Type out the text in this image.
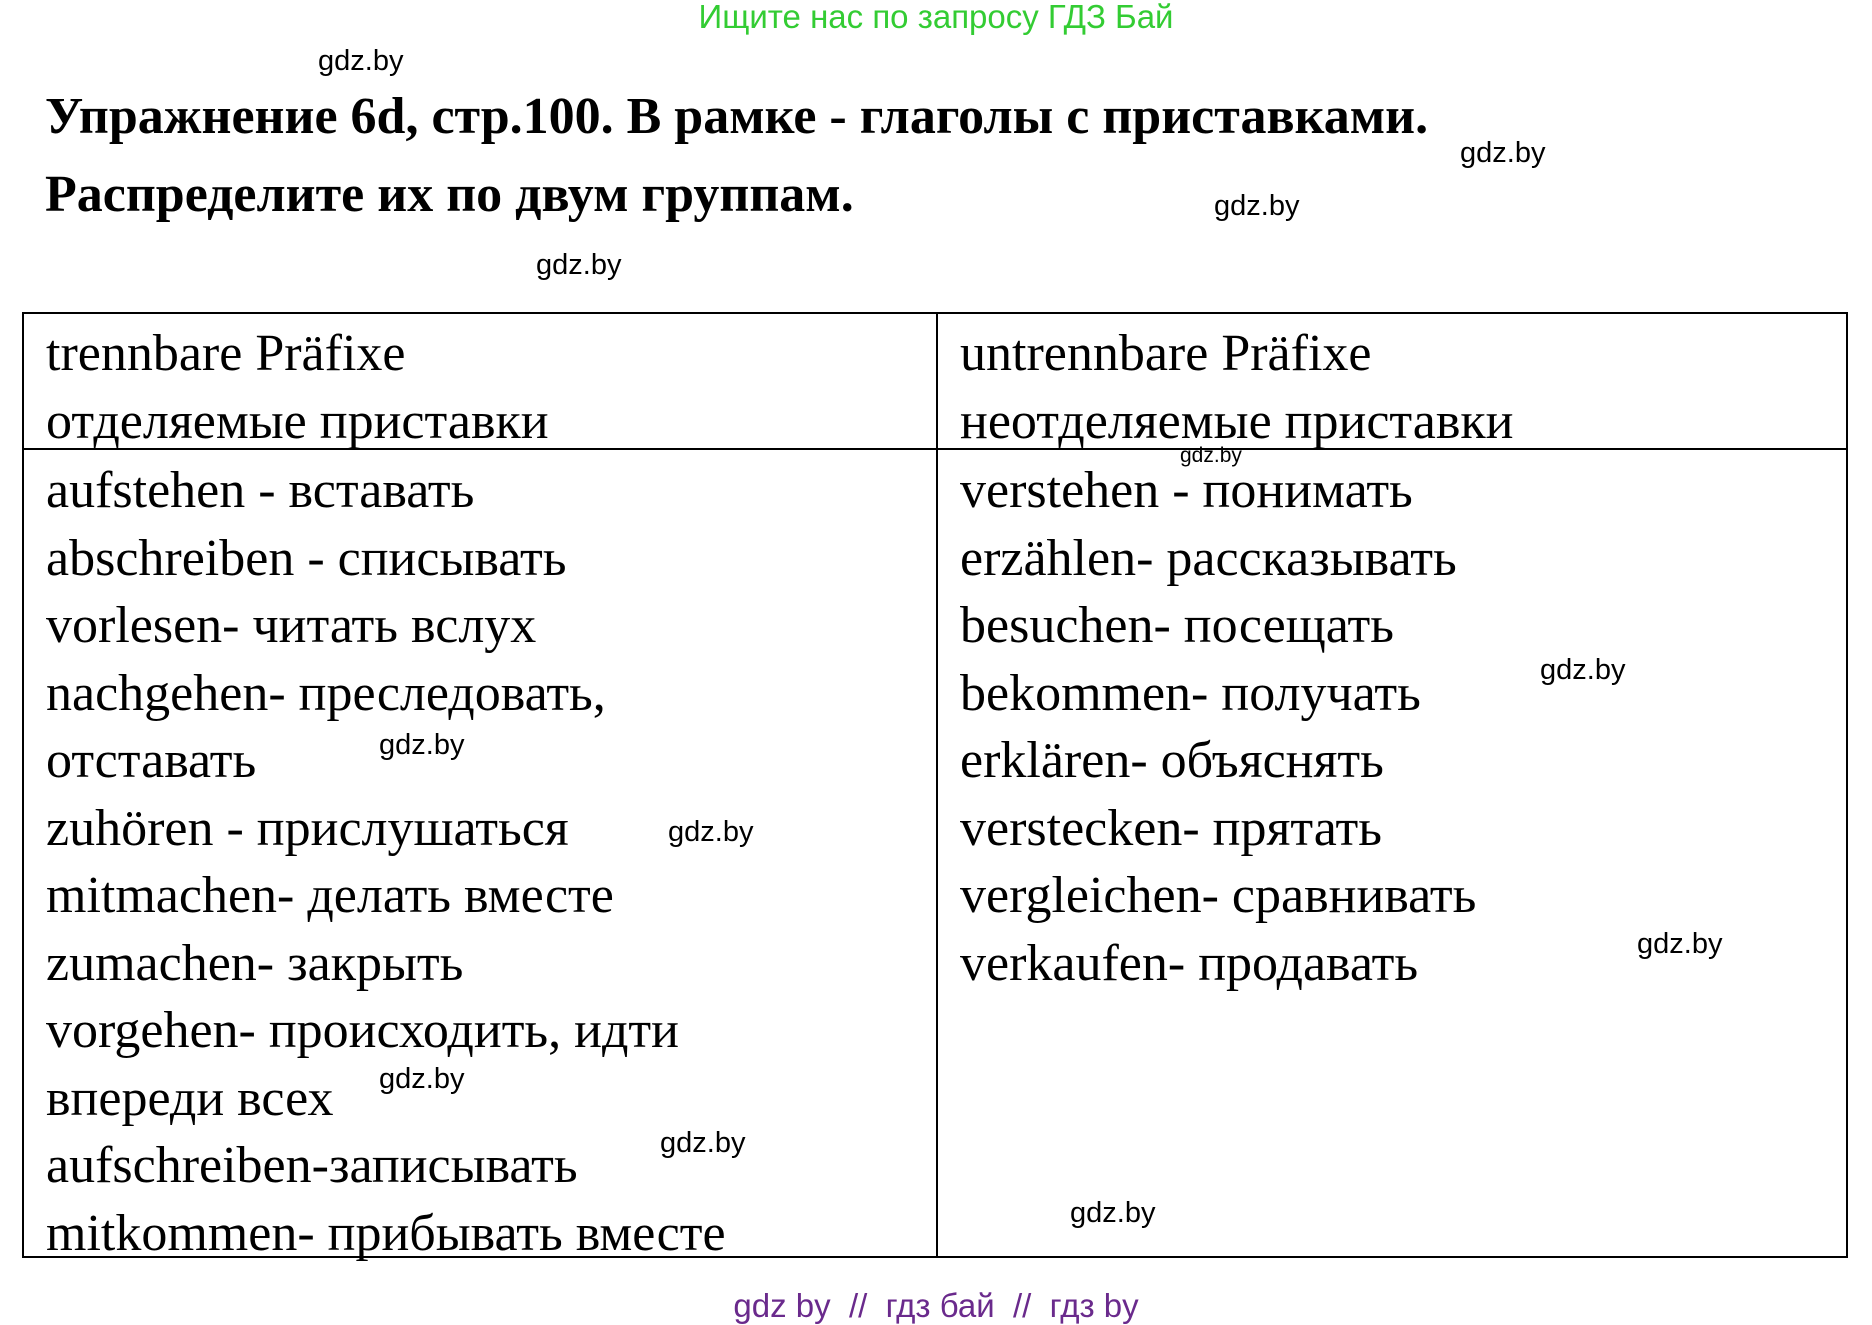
Ищите нас по запросу ГДЗ Бай
Упражнение 6d, стр.100. В рамке - глаголы с приставками.
Распределите их по двум группам.
trennbare Präfixe
отделяемые приставки
untrennbare Präfixe
неотделяемые приставки
aufstehen - вставать
abschreiben - списывать
vorlesen- читать вслух
nachgehen- преследовать,
отставать
zuhören - прислушаться
mitmachen- делать вместе
zumachen- закрыть
vorgehen- происходить, идти
впереди всех
aufschreiben-записывать
mitkommen- прибывать вместе
verstehen - понимать
erzählen- рассказывать
besuchen- посещать
bekommen- получать
erklären- объяснять
verstecken- прятать
vergleichen- сравнивать
verkaufen- продавать
gdz.by
gdz.by
gdz.by
gdz.by
gdz.by
gdz.by
gdz.by
gdz.by
gdz.by
gdz.by
gdz.by
gdz.by
gdz by  //  гдз бай  //  гдз by
